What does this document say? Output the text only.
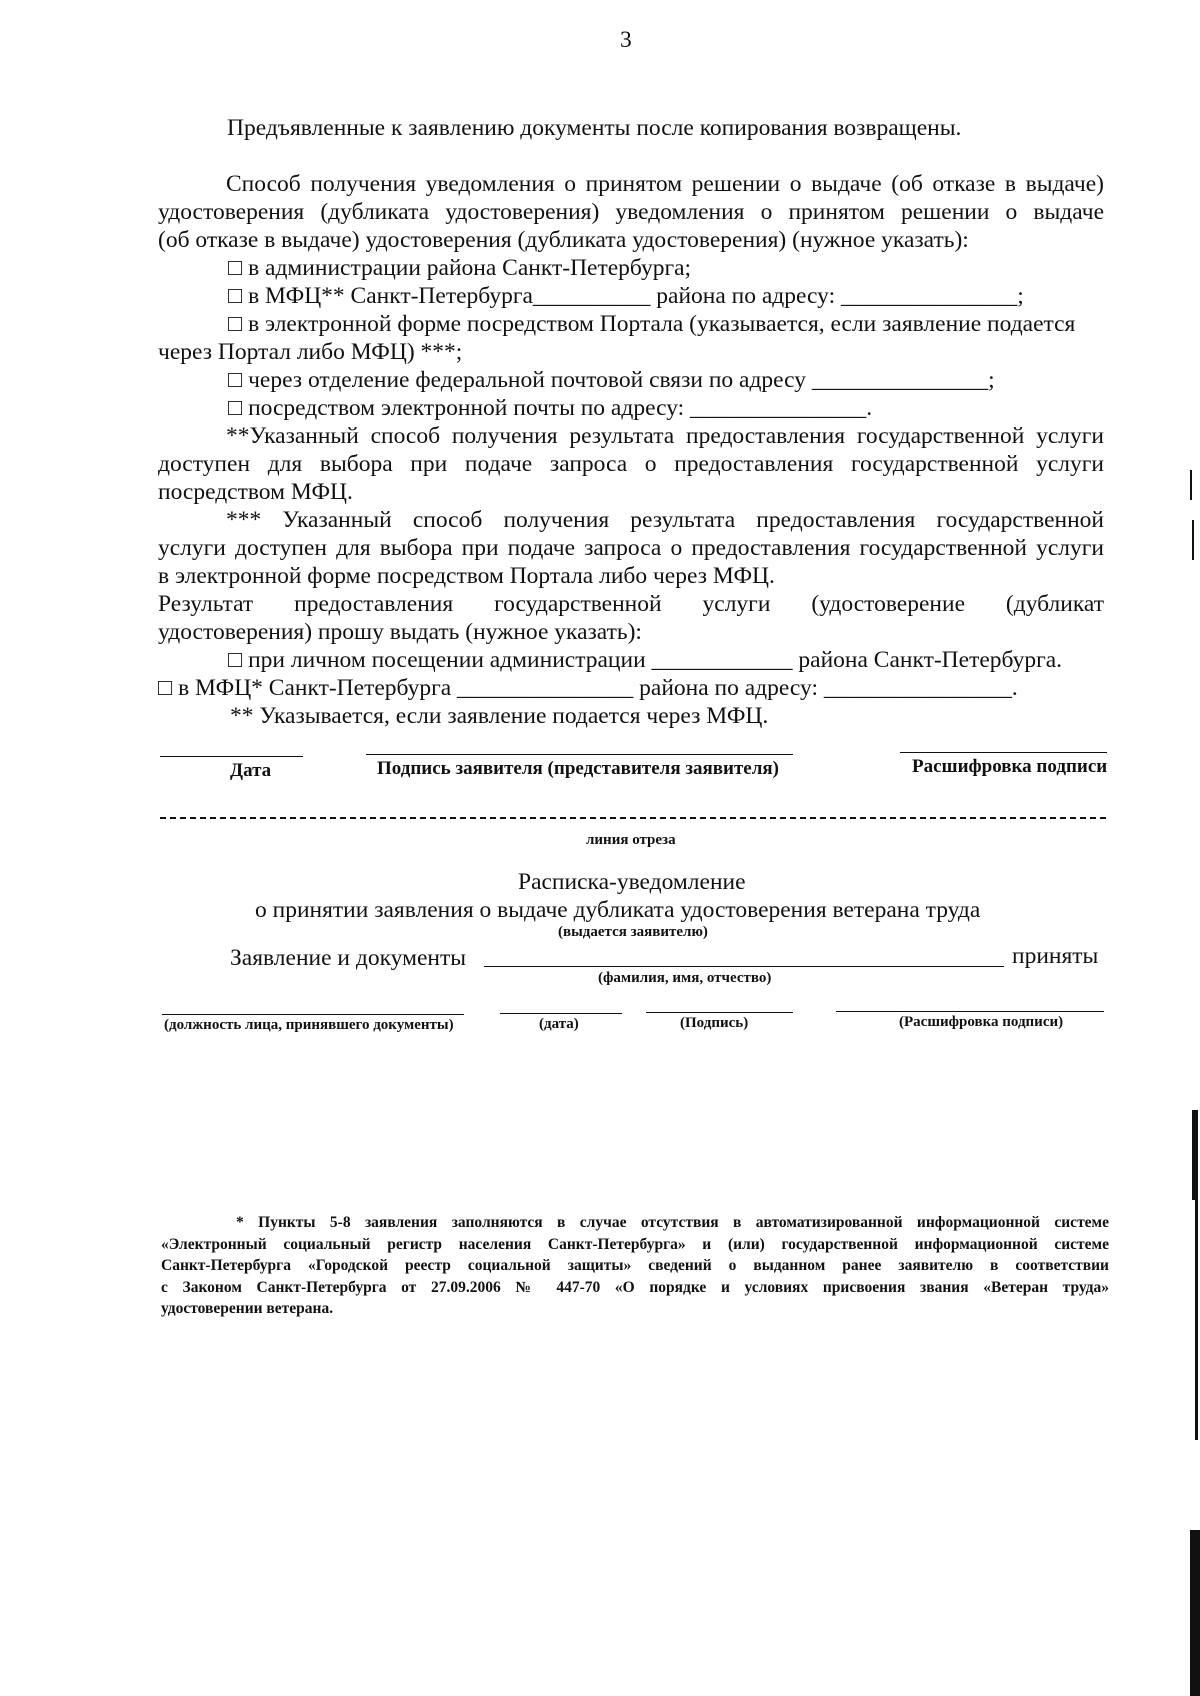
3
Предъявленные к заявлению документы после копирования возвращены.
Способ получения уведомления о принятом решении о выдаче (об отказе в выдаче)
удостоверения (дубликата удостоверения) уведомления о принятом решении о выдаче
(об отказе в выдаче) удостоверения (дубликата удостоверения) (нужное указать):
□ в администрации района Санкт-Петербурга;
□ в МФЦ** Санкт-Петербурга__________ района по адресу: _______________;
□ в электронной форме посредством Портала (указывается, если заявление подается
через Портал либо МФЦ) ***;
□ через отделение федеральной почтовой связи по адресу _______________;
□ посредством электронной почты по адресу: _______________.
**Указанный способ получения результата предоставления государственной услуги
доступен для выбора при подаче запроса о предоставления государственной услуги
посредством МФЦ.
*** Указанный способ получения результата предоставления государственной
услуги доступен для выбора при подаче запроса о предоставления государственной услуги
в электронной форме посредством Портала либо через МФЦ.
Результат предоставления государственной услуги (удостоверение (дубликат
удостоверения) прошу выдать (нужное указать):
□ при личном посещении администрации ____________ района Санкт-Петербурга.
□ в МФЦ* Санкт-Петербурга _______________ района по адресу: ________________.
** Указывается, если заявление подается через МФЦ.
Дата	Подпись заявителя (представителя заявителя)	Расшифровка подписи
линия отреза
Расписка-уведомление
о принятии заявления о выдаче дубликата удостоверения ветерана труда
(выдается заявителю)
Заявление и документы	приняты
(фамилия, имя, отчество)
(должность лица, принявшего документы)	(дата)	(Подпись)	(Расшифровка подписи)

* Пункты 5-8 заявления заполняются в случае отсутствия в автоматизированной информационной системе

«Электронный социальный регистр населения Санкт-Петербурга» и (или) государственной информационной системе

Санкт-Петербурга «Городской реестр социальной защиты» сведений о выданном ранее заявителю в соответствии

с Законом Санкт-Петербурга от 27.09.2006 № 447-70 «О порядке и условиях присвоения звания «Ветеран труда»

удостоверении ветерана.
